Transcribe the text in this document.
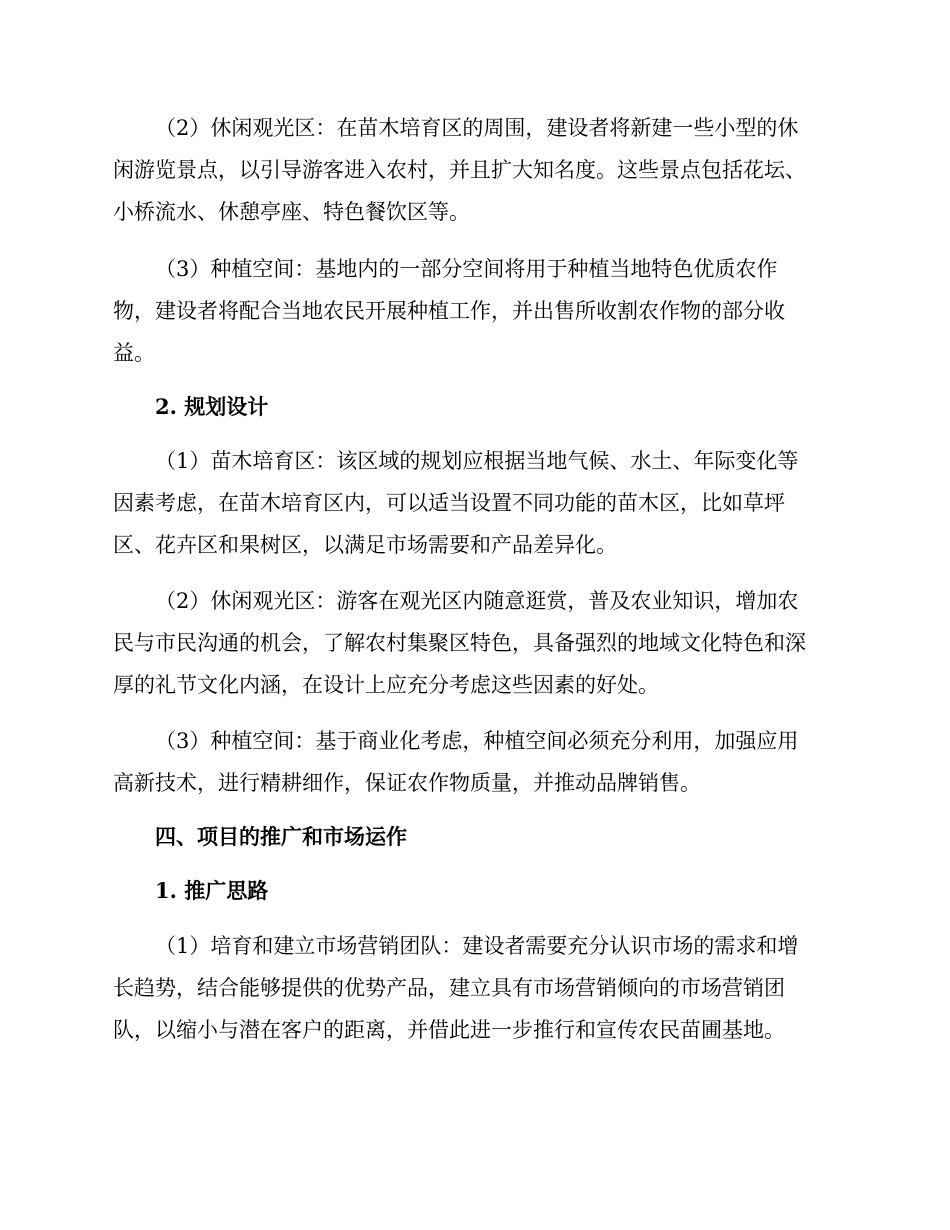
（2）休闲观光区：在苗木培育区的周围，建设者将新建一些小型的休
闲游览景点，以引导游客进入农村，并且扩大知名度。这些景点包括花坛、
小桥流水、休憩亭座、特色餐饮区等。

（3）种植空间：基地内的一部分空间将用于种植当地特色优质农作
物，建设者将配合当地农民开展种植工作，并出售所收割农作物的部分收
益。

2. 规划设计

（1）苗木培育区：该区域的规划应根据当地气候、水土、年际变化等
因素考虑，在苗木培育区内，可以适当设置不同功能的苗木区，比如草坪
区、花卉区和果树区，以满足市场需要和产品差异化。

（2）休闲观光区：游客在观光区内随意逛赏，普及农业知识，增加农
民与市民沟通的机会，了解农村集聚区特色，具备强烈的地域文化特色和深
厚的礼节文化内涵，在设计上应充分考虑这些因素的好处。

（3）种植空间：基于商业化考虑，种植空间必须充分利用，加强应用
高新技术，进行精耕细作，保证农作物质量，并推动品牌销售。

四、项目的推广和市场运作
1. 推广思路

（1）培育和建立市场营销团队：建设者需要充分认识市场的需求和增
长趋势，结合能够提供的优势产品，建立具有市场营销倾向的市场营销团
队，以缩小与潜在客户的距离，并借此进一步推行和宣传农民苗圃基地。
